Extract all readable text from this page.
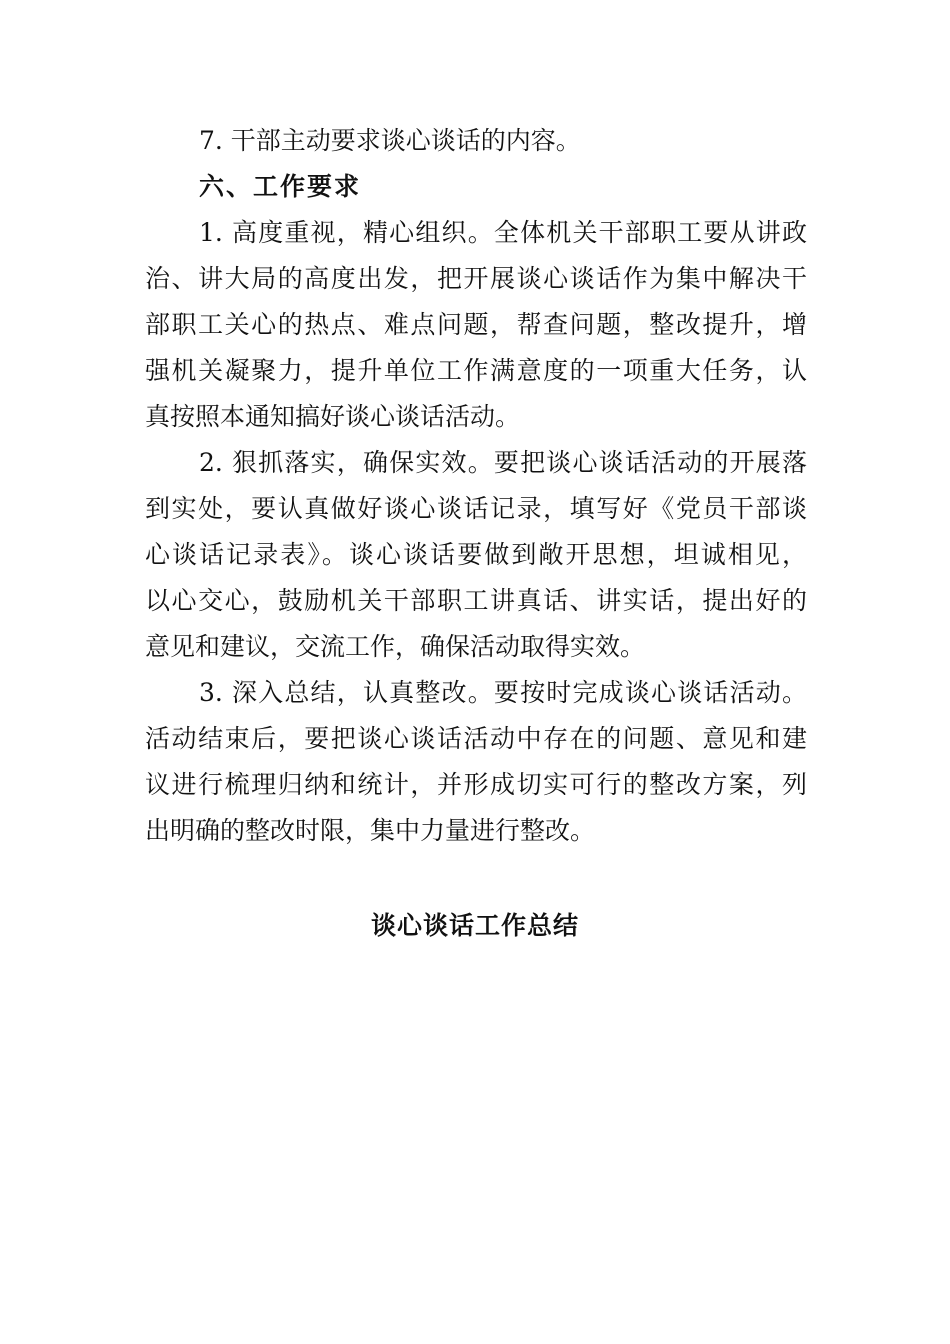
7. 干部主动要求谈心谈话的内容。
六、工作要求
1. 高度重视，精心组织。全体机关干部职工要从讲政
治、讲大局的高度出发，把开展谈心谈话作为集中解决干
部职工关心的热点、难点问题，帮查问题，整改提升，增
强机关凝聚力，提升单位工作满意度的一项重大任务，认
真按照本通知搞好谈心谈话活动。
2. 狠抓落实，确保实效。要把谈心谈话活动的开展落
到实处，要认真做好谈心谈话记录，填写好《党员干部谈
心谈话记录表》。谈心谈话要做到敞开思想，坦诚相见，
以心交心，鼓励机关干部职工讲真话、讲实话，提出好的
意见和建议，交流工作，确保活动取得实效。
3. 深入总结，认真整改。要按时完成谈心谈话活动。
活动结束后，要把谈心谈话活动中存在的问题、意见和建
议进行梳理归纳和统计，并形成切实可行的整改方案，列
出明确的整改时限，集中力量进行整改。
谈心谈话工作总结
